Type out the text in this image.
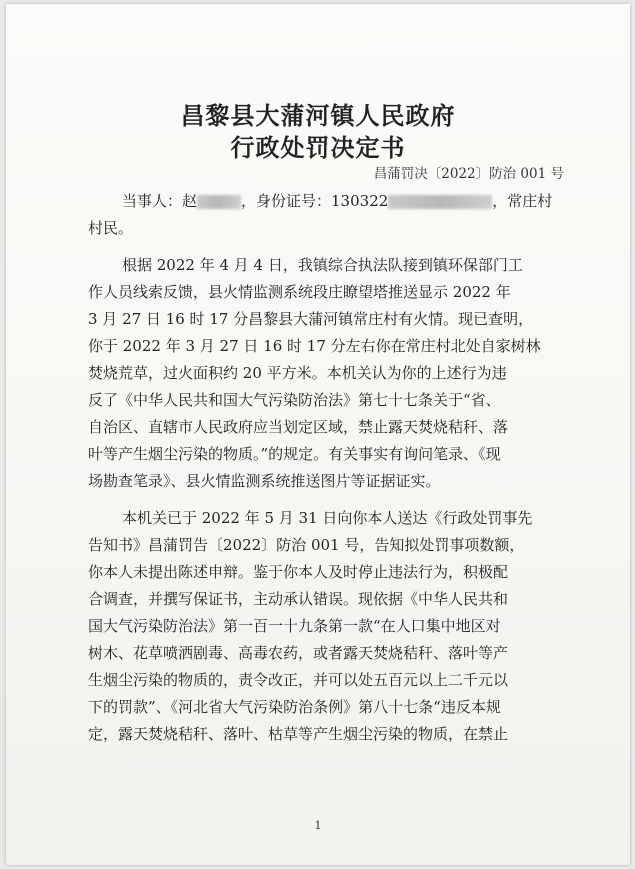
昌黎县大蒲河镇人民政府
行政处罚决定书
昌蒲罚决〔2022〕防治 001 号
当事人：赵	，身份证号：130322	，常庄村
村民。
根据 2022 年 4 月 4 日，我镇综合执法队接到镇环保部门工
作人员线索反馈，县火情监测系统段庄瞭望塔推送显示 2022 年
3 月 27 日 16 时 17 分昌黎县大蒲河镇常庄村有火情。现已查明，
你于 2022 年 3 月 27 日 16 时 17 分左右你在常庄村北处自家树林
焚烧荒草，过火面积约 20 平方米。本机关认为你的上述行为违
反了《中华人民共和国大气污染防治法》第七十七条关于“省、
自治区、直辖市人民政府应当划定区域，禁止露天焚烧秸秆、落
叶等产生烟尘污染的物质。”的规定。有关事实有询问笔录、《现
场勘查笔录》、县火情监测系统推送图片等证据证实。
本机关已于 2022 年 5 月 31 日向你本人送达《行政处罚事先
告知书》昌蒲罚告〔2022〕防治 001 号，告知拟处罚事项数额，
你本人未提出陈述申辩。鉴于你本人及时停止违法行为，积极配
合调查，并撰写保证书，主动承认错误。现依据《中华人民共和
国大气污染防治法》第一百一十九条第一款“在人口集中地区对
树木、花草喷洒剧毒、高毒农药，或者露天焚烧秸秆、落叶等产
生烟尘污染的物质的，责令改正，并可以处五百元以上二千元以
下的罚款”、《河北省大气污染防治条例》第八十七条“违反本规
定，露天焚烧秸秆、落叶、枯草等产生烟尘污染的物质，在禁止
1
